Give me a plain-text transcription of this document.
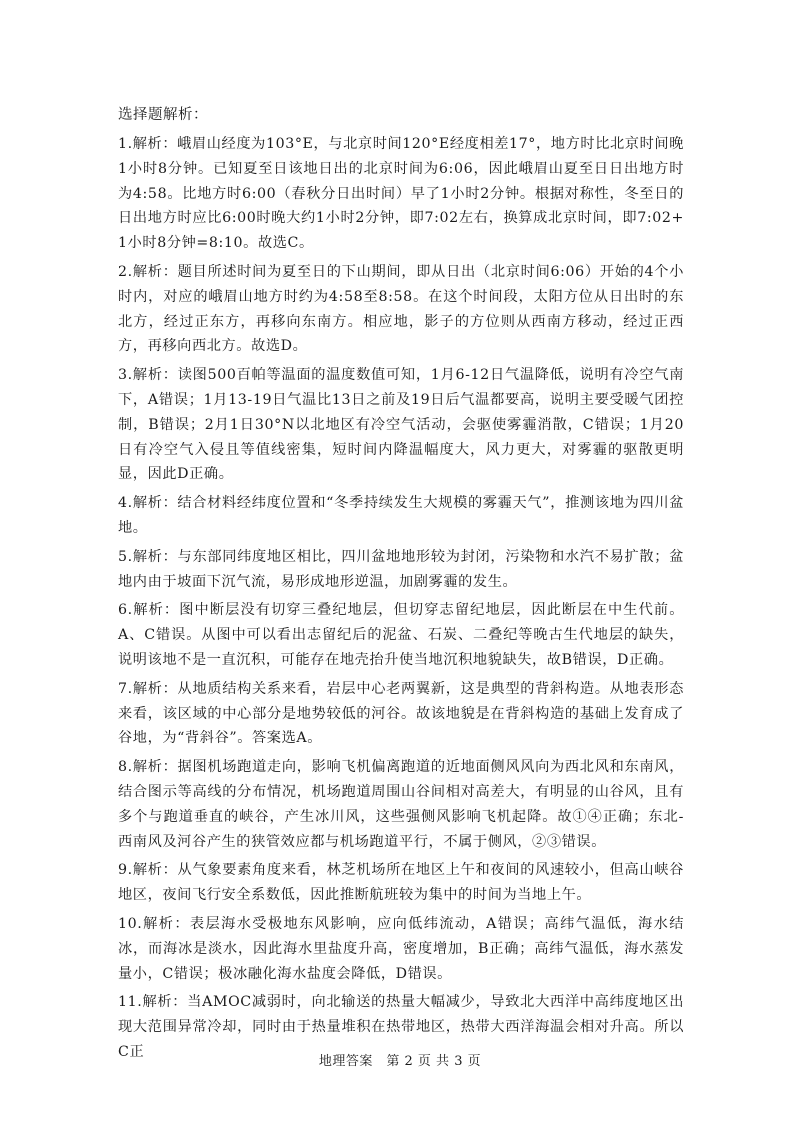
选择题解析：

1.解析：峨眉山经度为103°E，与北京时间120°E经度相差17°，地方时比北京时间晚1小时8分钟。已知夏至日该地日出的北京时间为6:06，因此峨眉山夏至日日出地方时为4:58。比地方时6:00（春秋分日出时间）早了1小时2分钟。根据对称性，冬至日的日出地方时应比6:00时晚大约1小时2分钟，即7:02左右，换算成北京时间，即7:02+1小时8分钟=8:10。故选C。

2.解析：题目所述时间为夏至日的下山期间，即从日出（北京时间6:06）开始的4个小时内，对应的峨眉山地方时约为4:58至8:58。在这个时间段，太阳方位从日出时的东北方，经过正东方，再移向东南方。相应地，影子的方位则从西南方移动，经过正西方，再移向西北方。故选D。

3.解析：读图500百帕等温面的温度数值可知，1月6-12日气温降低，说明有冷空气南下，A错误；1月13-19日气温比13日之前及19日后气温都要高，说明主要受暖气团控制，B错误；2月1日30°N以北地区有冷空气活动，会驱使雾霾消散，C错误；1月20日有冷空气入侵且等值线密集，短时间内降温幅度大，风力更大，对雾霾的驱散更明显，因此D正确。

4.解析：结合材料经纬度位置和“冬季持续发生大规模的雾霾天气”，推测该地为四川盆地。

5.解析：与东部同纬度地区相比，四川盆地地形较为封闭，污染物和水汽不易扩散；盆地内由于坡面下沉气流，易形成地形逆温，加剧雾霾的发生。

6.解析：图中断层没有切穿三叠纪地层，但切穿志留纪地层，因此断层在中生代前。A、C错误。从图中可以看出志留纪后的泥盆、石炭、二叠纪等晚古生代地层的缺失，说明该地不是一直沉积，可能存在地壳抬升使当地沉积地貌缺失，故B错误，D正确。

7.解析：从地质结构关系来看，岩层中心老两翼新，这是典型的背斜构造。从地表形态来看，该区域的中心部分是地势较低的河谷。故该地貌是在背斜构造的基础上发育成了谷地，为“背斜谷”。答案选A。

8.解析：据图机场跑道走向，影响飞机偏离跑道的近地面侧风风向为西北风和东南风，结合图示等高线的分布情况，机场跑道周围山谷间相对高差大，有明显的山谷风，且有多个与跑道垂直的峡谷，产生冰川风，这些强侧风影响飞机起降。故①④正确；东北-西南风及河谷产生的狭管效应都与机场跑道平行，不属于侧风，②③错误。

9.解析：从气象要素角度来看，林芝机场所在地区上午和夜间的风速较小，但高山峡谷地区，夜间飞行安全系数低，因此推断航班较为集中的时间为当地上午。

10.解析：表层海水受极地东风影响，应向低纬流动，A错误；高纬气温低，海水结冰，而海冰是淡水，因此海水里盐度升高，密度增加，B正确；高纬气温低，海水蒸发量小，C错误；极冰融化海水盐度会降低，D错误。

11.解析：当AMOC减弱时，向北输送的热量大幅减少，导致北大西洋中高纬度地区出现大范围异常冷却，同时由于热量堆积在热带地区，热带大西洋海温会相对升高。所以C正

地理答案　第 2 页 共 3 页
